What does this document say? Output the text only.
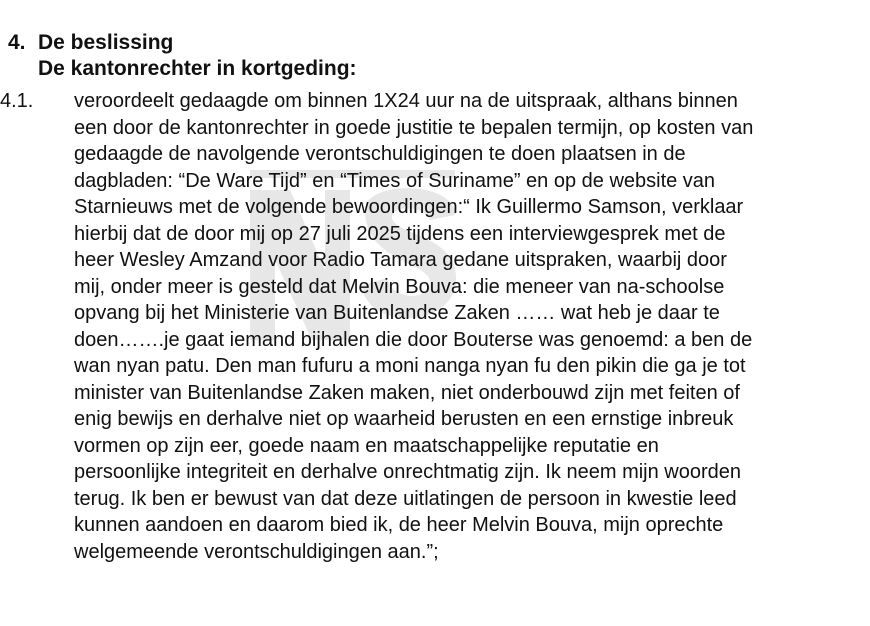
4. De beslissing
De kantonrechter in kortgeding:
4.1. veroordeelt gedaagde om binnen 1X24 uur na de uitspraak, althans binnen
een door de kantonrechter in goede justitie te bepalen termijn, op kosten van
gedaagde de navolgende verontschuldigingen te doen plaatsen in de
dagbladen: “De Ware Tijd” en “Times of Suriname” en op de website van
Starnieuws met de volgende bewoordingen:“ Ik Guillermo Samson, verklaar
hierbij dat de door mij op 27 juli 2025 tijdens een interviewgesprek met de
heer Wesley Amzand voor Radio Tamara gedane uitspraken, waarbij door
mij, onder meer is gesteld dat Melvin Bouva: die meneer van na-schoolse
opvang bij het Ministerie van Buitenlandse Zaken …… wat heb je daar te
doen…….je gaat iemand bijhalen die door Bouterse was genoemd: a ben de
wan nyan patu. Den man fufuru a moni nanga nyan fu den pikin die ga je tot
minister van Buitenlandse Zaken maken, niet onderbouwd zijn met feiten of
enig bewijs en derhalve niet op waarheid berusten en een ernstige inbreuk
vormen op zijn eer, goede naam en maatschappelijke reputatie en
persoonlijke integriteit en derhalve onrechtmatig zijn. Ik neem mijn woorden
terug. Ik ben er bewust van dat deze uitlatingen de persoon in kwestie leed
kunnen aandoen en daarom bied ik, de heer Melvin Bouva, mijn oprechte
welgemeende verontschuldigingen aan.”;
